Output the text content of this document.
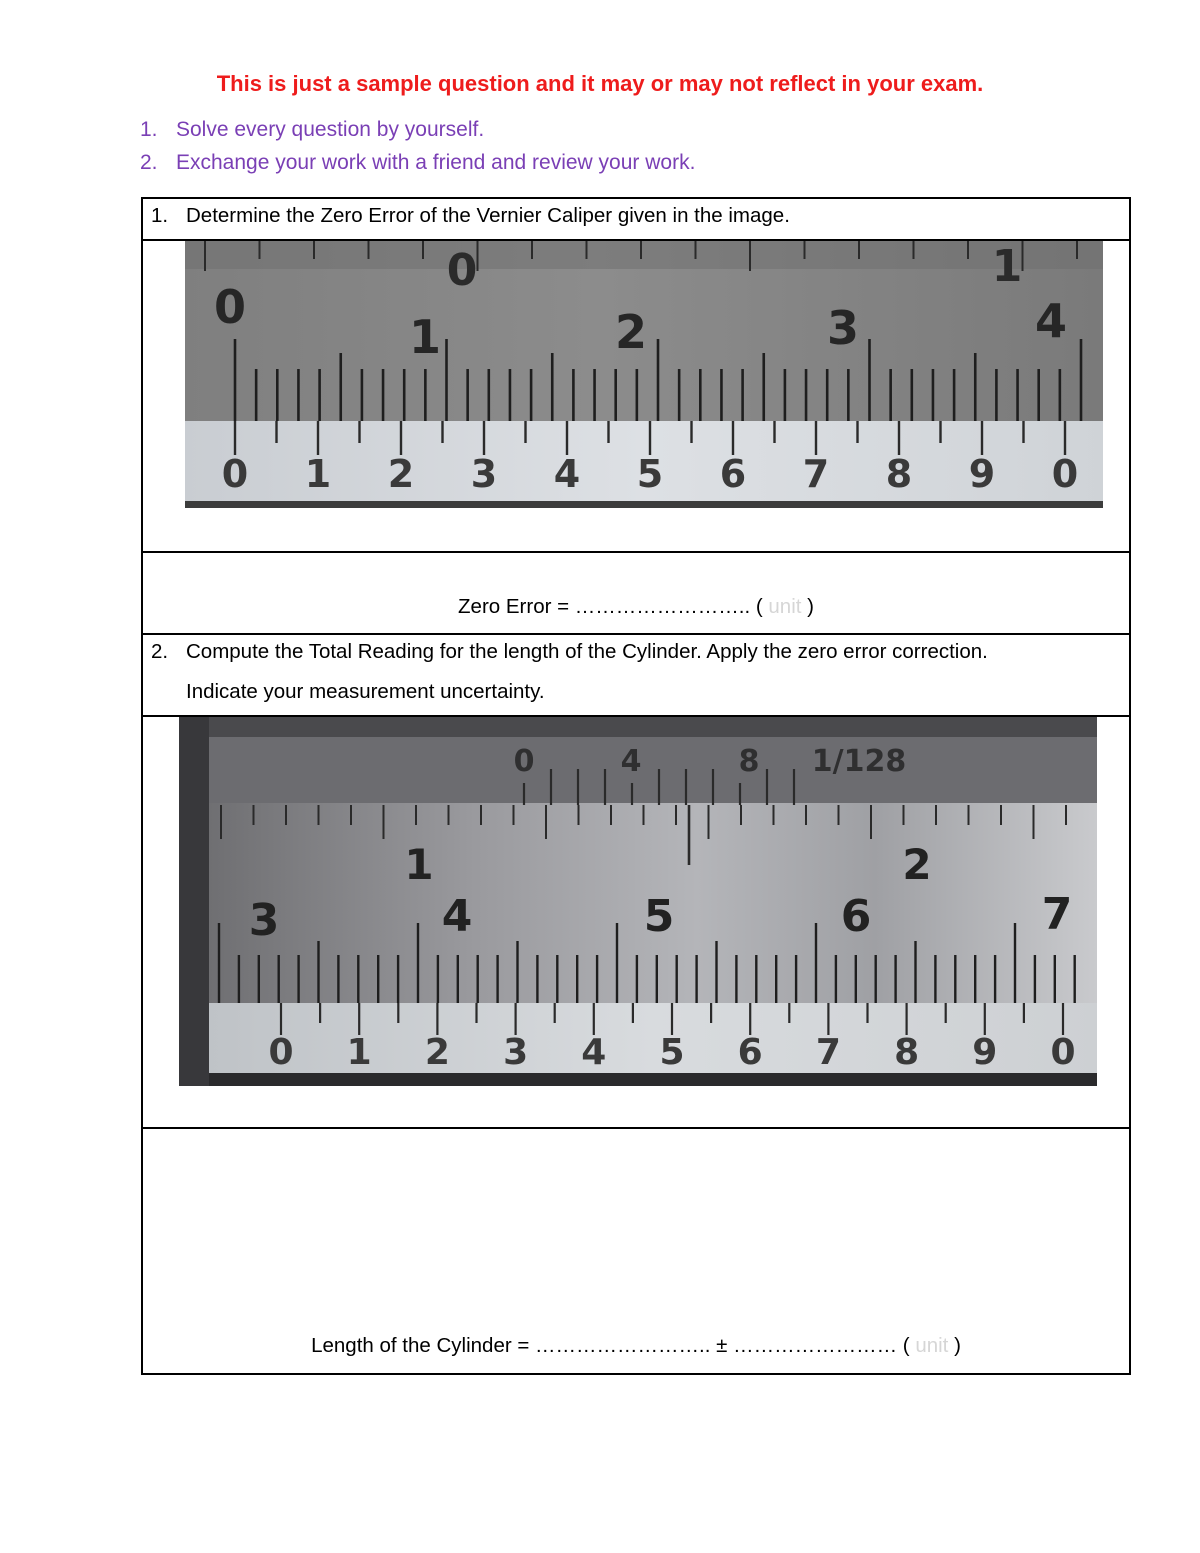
This is just a sample question and it may or may not reflect in your exam.
1. Solve every question by yourself.
2. Exchange your work with a friend and review your work.
1. Determine the Zero Error of the Vernier Caliper given in the image.
0	1
0
1	2	3	4
0 1 2 3 4 5 6 7 8 9 0
Zero Error = …………………….. ( unit )
2. Compute the Total Reading for the length of the Cylinder. Apply the zero error correction.
Indicate your measurement uncertainty.
0	4	8 1/128
1	2
3	4	5	6	7
0 1 2 3 4 5 6 7 8 9 0
Length of the Cylinder = …………………….. ± …………………… ( unit )
